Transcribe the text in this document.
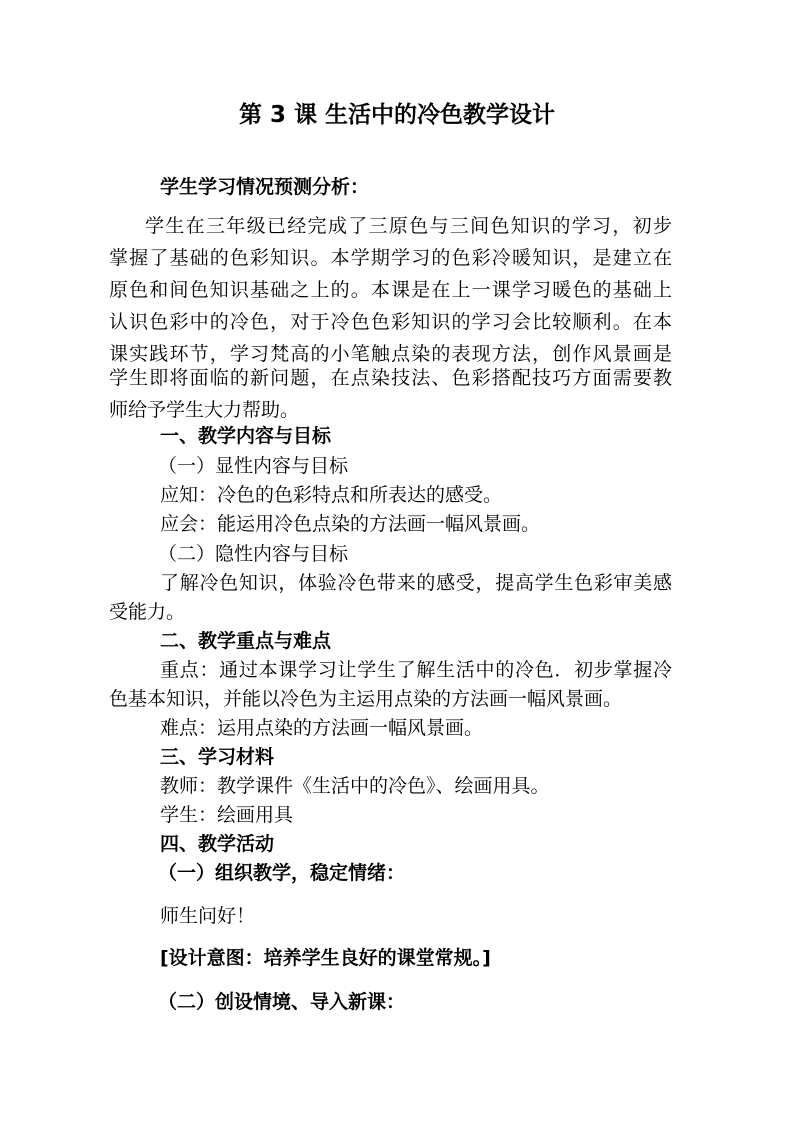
第 3 课 生活中的冷色教学设计
学生学习情况预测分析：
学生在三年级已经完成了三原色与三间色知识的学习，初步
掌握了基础的色彩知识。本学期学习的色彩冷暖知识，是建立在
原色和间色知识基础之上的。本课是在上一课学习暖色的基础上
认识色彩中的冷色，对于冷色色彩知识的学习会比较顺利。在本
课实践环节，学习梵高的小笔触点染的表现方法，创作风景画是
学生即将面临的新问题，在点染技法、色彩搭配技巧方面需要教
师给予学生大力帮助。
一、教学内容与目标
（一）显性内容与目标
应知：冷色的色彩特点和所表达的感受。
应会：能运用冷色点染的方法画一幅风景画。
（二）隐性内容与目标
了解冷色知识，体验冷色带来的感受，提高学生色彩审美感
受能力。
二、教学重点与难点
重点：通过本课学习让学生了解生活中的冷色．初步掌握冷
色基本知识，并能以冷色为主运用点染的方法画一幅风景画。
难点：运用点染的方法画一幅风景画。
三、学习材料
教师：教学课件《生活中的冷色》、绘画用具。
学生：绘画用具
四、教学活动
（一）组织教学，稳定情绪：
师生问好！
[设计意图：培养学生良好的课堂常规。]
（二）创设情境、导入新课：
